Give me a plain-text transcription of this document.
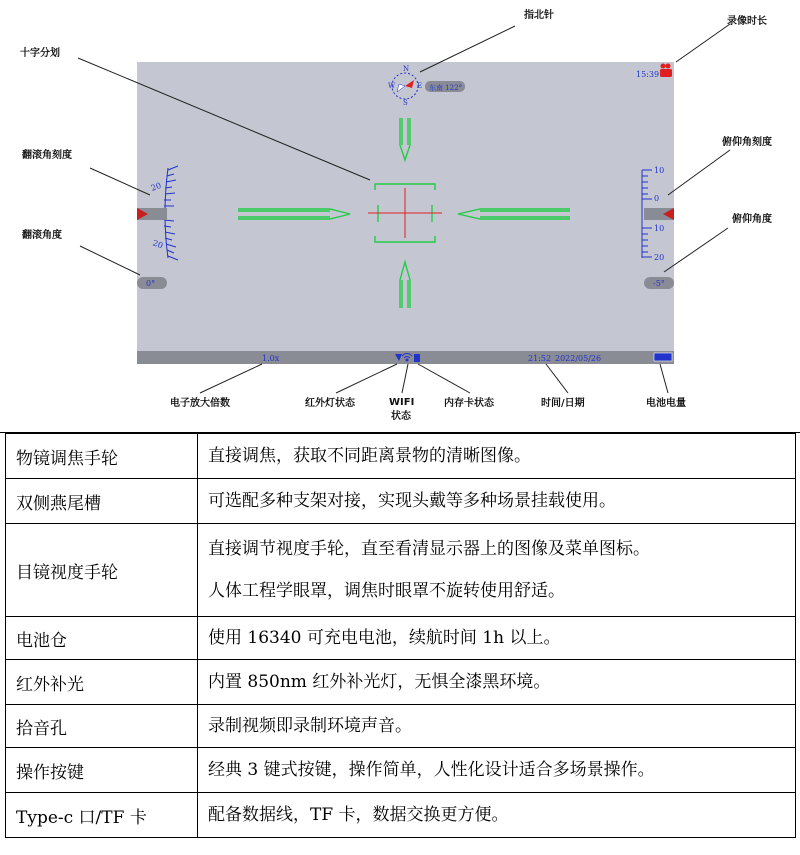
N
E
S
W	东南 122°
15:39
20
20
0°
10
0
10
20
-5°
1.0x	21:52 2022/05/26
指北针
录像时长
十字分划
翻滚角刻度
翻滚角度
俯仰角刻度
俯仰角度
电子放大倍数	红外灯状态	WIFI
状态
内存卡状态	时间/日期	电池电量
物镜调焦手轮	直接调焦，获取不同距离景物的清晰图像。

双侧燕尾槽	可选配多种支架对接，实现头戴等多种场景挂载使用。

目镜视度手轮	直接调节视度手轮，直至看清显示器上的图像及菜单图标。
人体工程学眼罩，调焦时眼罩不旋转使用舒适。

电池仓	使用 16340 可充电电池，续航时间 1h 以上。

红外补光	内置 850nm 红外补光灯，无惧全漆黑环境。

拾音孔	录制视频即录制环境声音。

操作按键	经典 3 键式按键，操作简单，人性化设计适合多场景操作。

Type-c 口/TF 卡	配备数据线，TF 卡，数据交换更方便。
